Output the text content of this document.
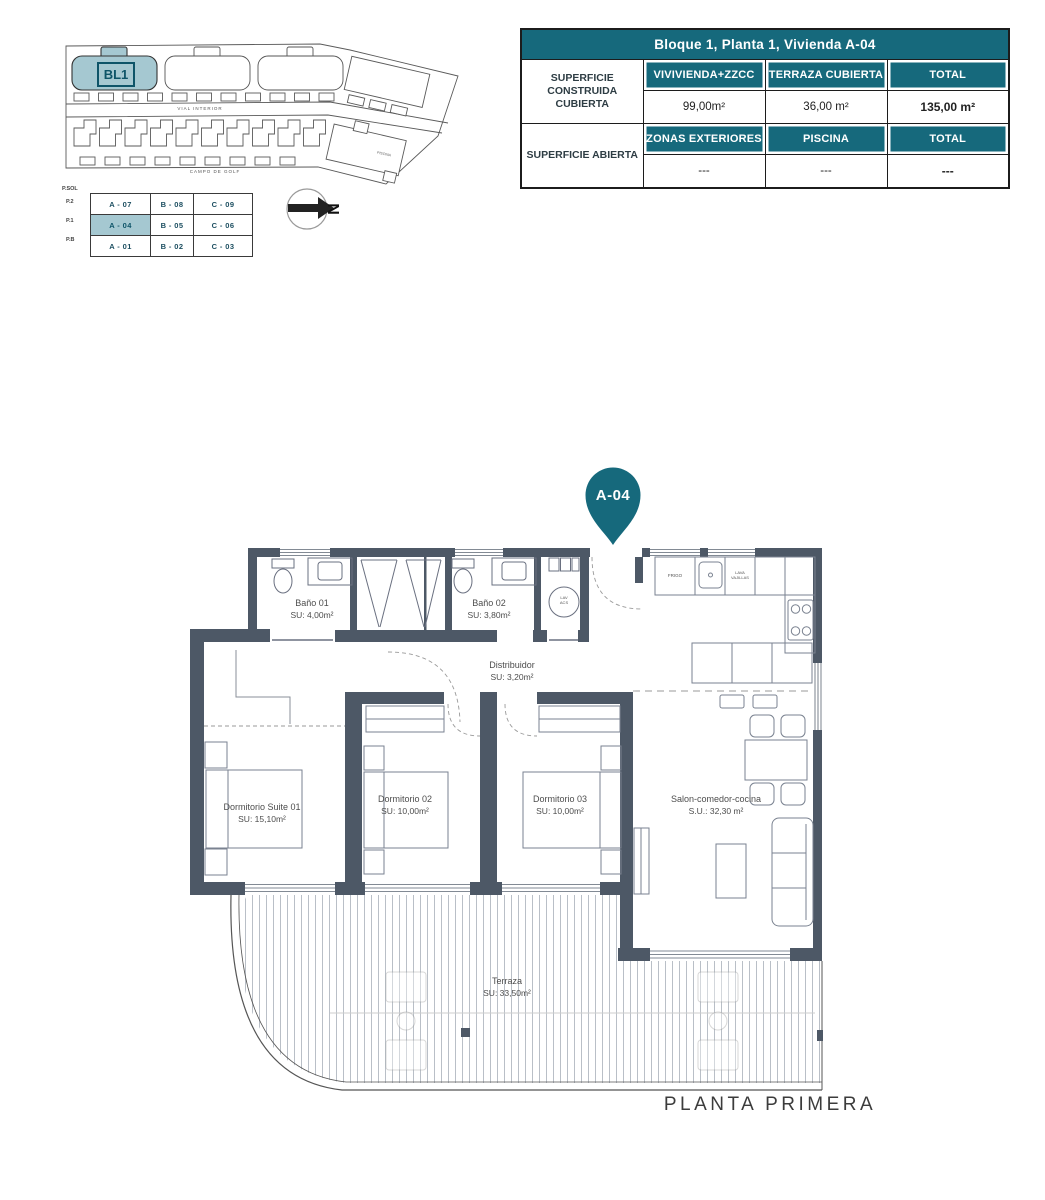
BL1
VIAL INTERIOR
CAMPO DE GOLF
PISCINA
N
P.SOL
P.2
P.1
P.B
A - 07	B - 08	C - 09
A - 04	B - 05	C - 06
A - 01	B - 02	C - 03
Bloque 1, Planta 1, Vivienda A-04			
SUPERFICIE CONSTRUIDA CUBIERTA	VIVIVIENDA+ZZCC	TERRAZA CUBIERTA	TOTAL
	99,00m²	36,00 m²	135,00 m²
SUPERFICIE ABIERTA	ZONAS EXTERIORES	PISCINA	TOTAL
	---	---	---
A-04
Baño 01
SU: 4,00m²
Baño 02
SU: 3,80m²
Distribuidor
SU: 3,20m²
Dormitorio Suite 01
SU: 15,10m²
Dormitorio 02
SU: 10,00m²
Dormitorio 03
SU: 10,00m²
Salon-comedor-cocina
S.U.: 32,30 m²
Terraza
SU: 33,50m²
FRIGO
LAVA
VAJILLAS
LAV
ACS
PLANTA PRIMERA
